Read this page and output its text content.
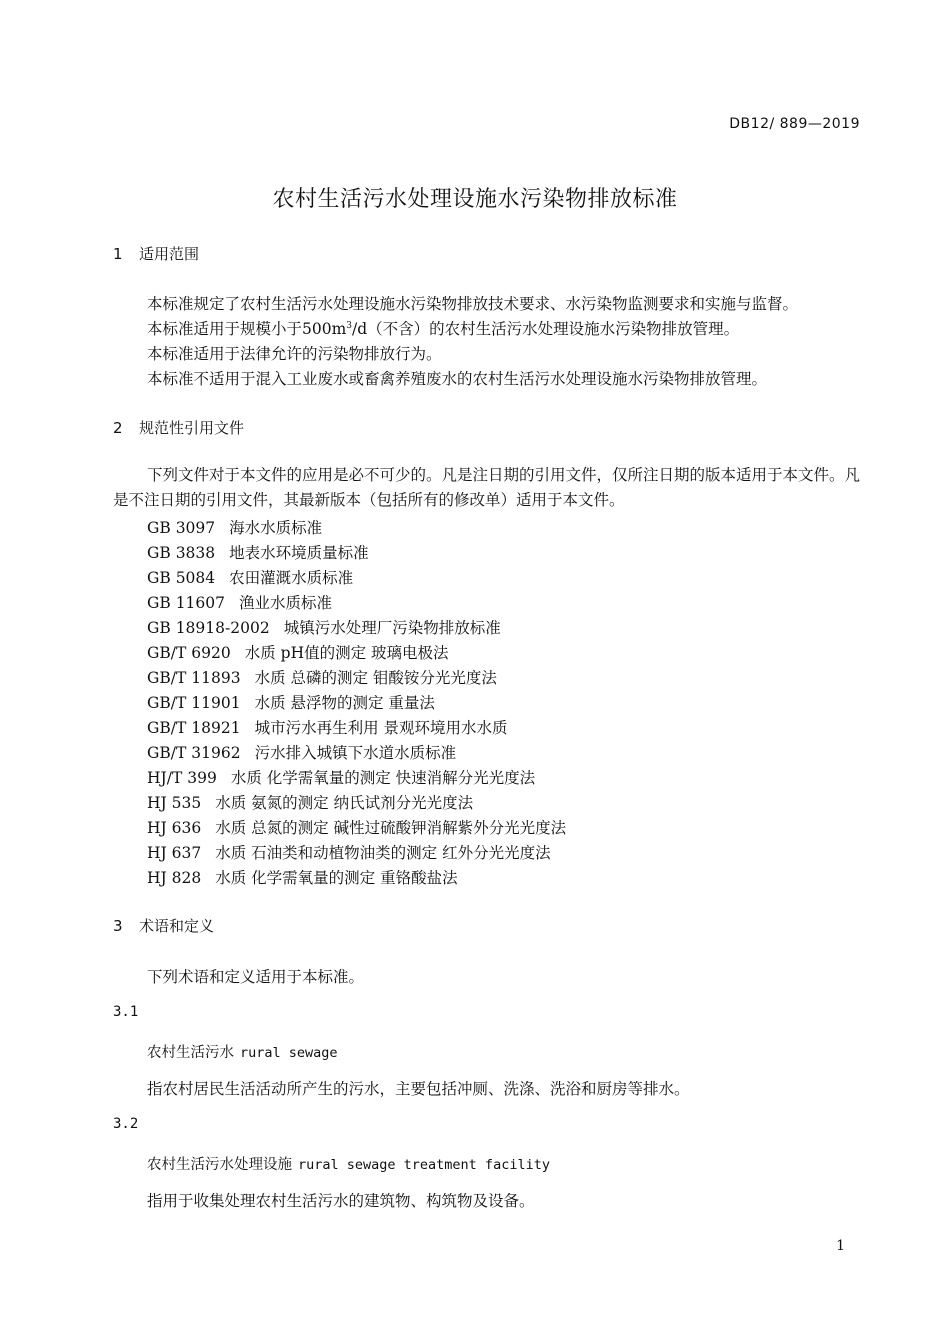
DB12/ 889—2019
农村生活污水处理设施水污染物排放标准
1 适用范围
本标准规定了农村生活污水处理设施水污染物排放技术要求、水污染物监测要求和实施与监督。
本标准适用于规模小于$500m^3/d$（不含）的农村生活污水处理设施水污染物排放管理。
本标准适用于法律允许的污染物排放行为。
本标准不适用于混入工业废水或畜禽养殖废水的农村生活污水处理设施水污染物排放管理。
2 规范性引用文件
下列文件对于本文件的应用是必不可少的。凡是注日期的引用文件，仅所注日期的版本适用于本文件。凡是不注日期的引用文件，其最新版本（包括所有的修改单）适用于本文件。
GB 3097 海水水质标准
GB 3838 地表水环境质量标准
GB 5084 农田灌溉水质标准
GB 11607 渔业水质标准
GB 18918-2002 城镇污水处理厂污染物排放标准
GB/T 6920 水质 pH值的测定 玻璃电极法
GB/T 11893 水质 总磷的测定 钼酸铵分光光度法
GB/T 11901 水质 悬浮物的测定 重量法
GB/T 18921 城市污水再生利用 景观环境用水水质
GB/T 31962 污水排入城镇下水道水质标准
HJ/T 399 水质 化学需氧量的测定 快速消解分光光度法
HJ 535 水质 氨氮的测定 纳氏试剂分光光度法
HJ 636 水质 总氮的测定 碱性过硫酸钾消解紫外分光光度法
HJ 637 水质 石油类和动植物油类的测定 红外分光光度法
HJ 828 水质 化学需氧量的测定 重铬酸盐法
3 术语和定义
下列术语和定义适用于本标准。
3.1
农村生活污水 rural sewage
指农村居民生活活动所产生的污水，主要包括冲厕、洗涤、洗浴和厨房等排水。
3.2
农村生活污水处理设施 rural sewage treatment facility
指用于收集处理农村生活污水的建筑物、构筑物及设备。
1
